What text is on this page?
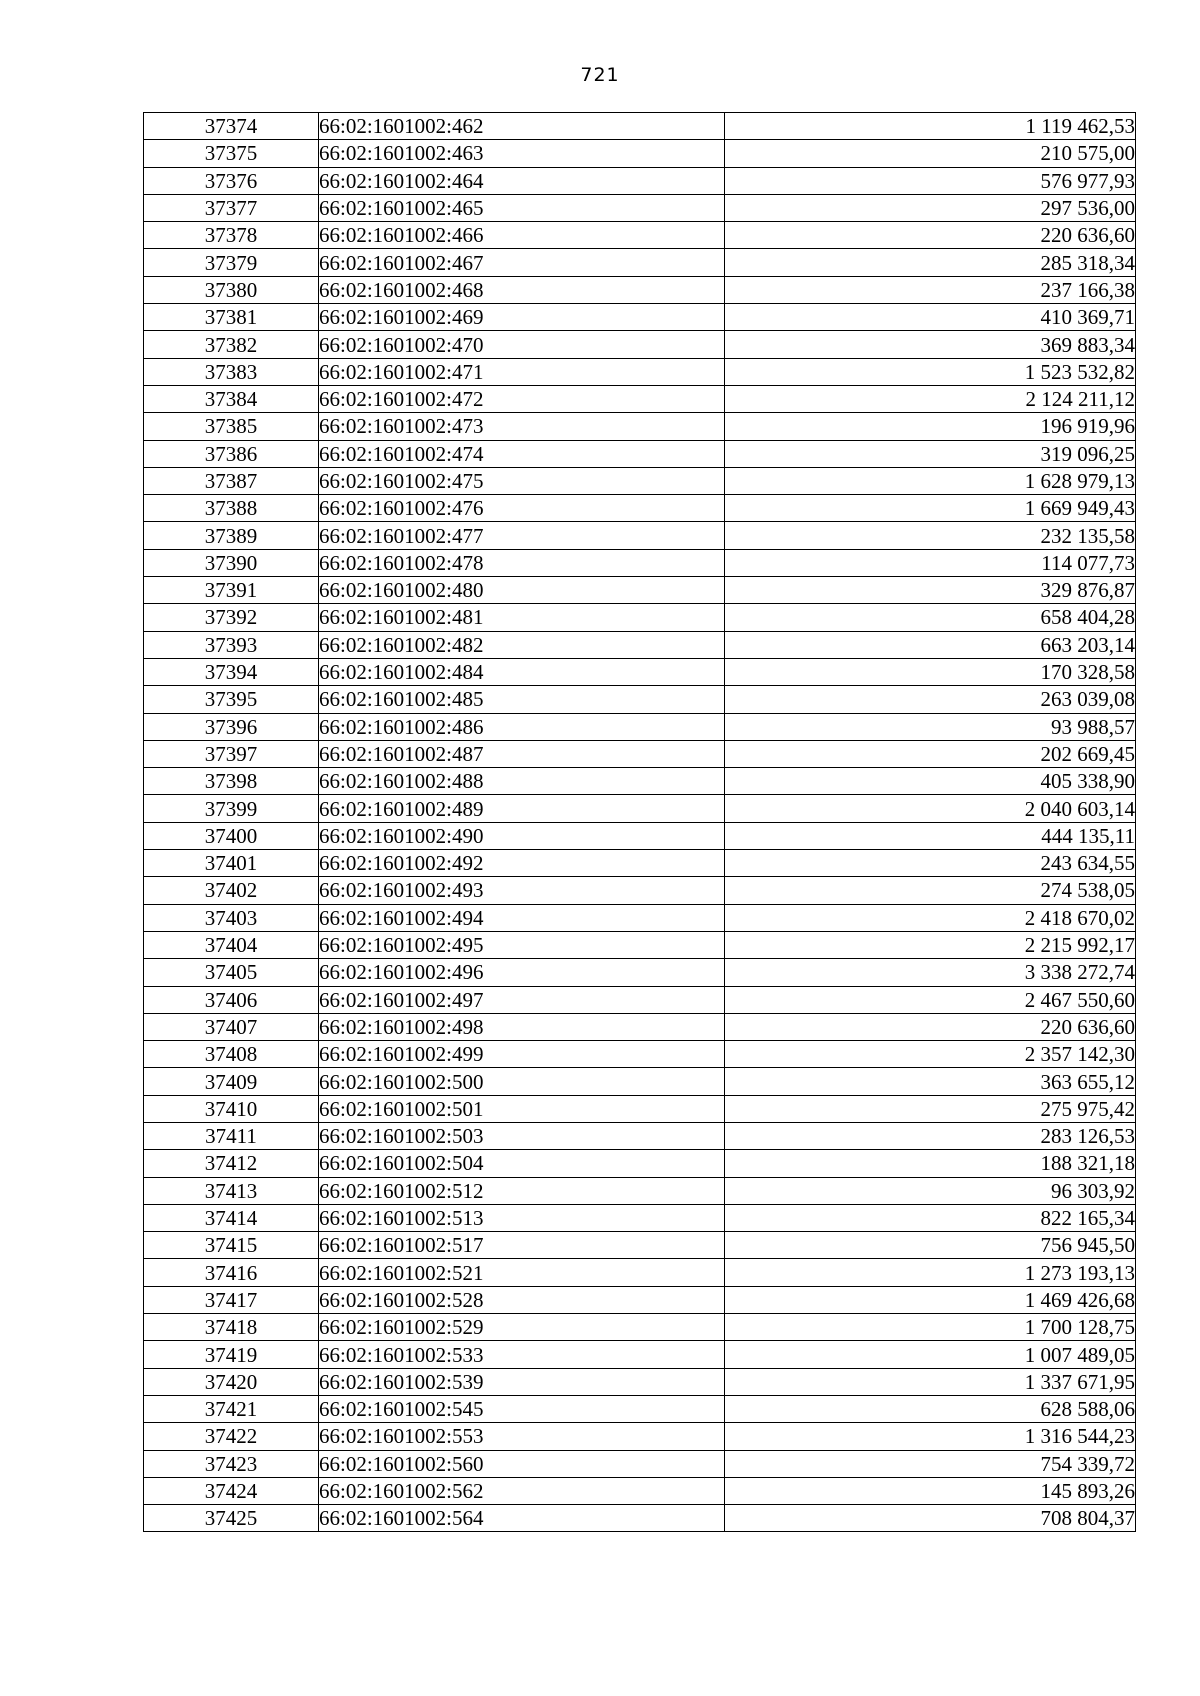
721
37374	66:02:1601002:462	1 119 462,53
37375	66:02:1601002:463	210 575,00
37376	66:02:1601002:464	576 977,93
37377	66:02:1601002:465	297 536,00
37378	66:02:1601002:466	220 636,60
37379	66:02:1601002:467	285 318,34
37380	66:02:1601002:468	237 166,38
37381	66:02:1601002:469	410 369,71
37382	66:02:1601002:470	369 883,34
37383	66:02:1601002:471	1 523 532,82
37384	66:02:1601002:472	2 124 211,12
37385	66:02:1601002:473	196 919,96
37386	66:02:1601002:474	319 096,25
37387	66:02:1601002:475	1 628 979,13
37388	66:02:1601002:476	1 669 949,43
37389	66:02:1601002:477	232 135,58
37390	66:02:1601002:478	114 077,73
37391	66:02:1601002:480	329 876,87
37392	66:02:1601002:481	658 404,28
37393	66:02:1601002:482	663 203,14
37394	66:02:1601002:484	170 328,58
37395	66:02:1601002:485	263 039,08
37396	66:02:1601002:486	93 988,57
37397	66:02:1601002:487	202 669,45
37398	66:02:1601002:488	405 338,90
37399	66:02:1601002:489	2 040 603,14
37400	66:02:1601002:490	444 135,11
37401	66:02:1601002:492	243 634,55
37402	66:02:1601002:493	274 538,05
37403	66:02:1601002:494	2 418 670,02
37404	66:02:1601002:495	2 215 992,17
37405	66:02:1601002:496	3 338 272,74
37406	66:02:1601002:497	2 467 550,60
37407	66:02:1601002:498	220 636,60
37408	66:02:1601002:499	2 357 142,30
37409	66:02:1601002:500	363 655,12
37410	66:02:1601002:501	275 975,42
37411	66:02:1601002:503	283 126,53
37412	66:02:1601002:504	188 321,18
37413	66:02:1601002:512	96 303,92
37414	66:02:1601002:513	822 165,34
37415	66:02:1601002:517	756 945,50
37416	66:02:1601002:521	1 273 193,13
37417	66:02:1601002:528	1 469 426,68
37418	66:02:1601002:529	1 700 128,75
37419	66:02:1601002:533	1 007 489,05
37420	66:02:1601002:539	1 337 671,95
37421	66:02:1601002:545	628 588,06
37422	66:02:1601002:553	1 316 544,23
37423	66:02:1601002:560	754 339,72
37424	66:02:1601002:562	145 893,26
37425	66:02:1601002:564	708 804,37
